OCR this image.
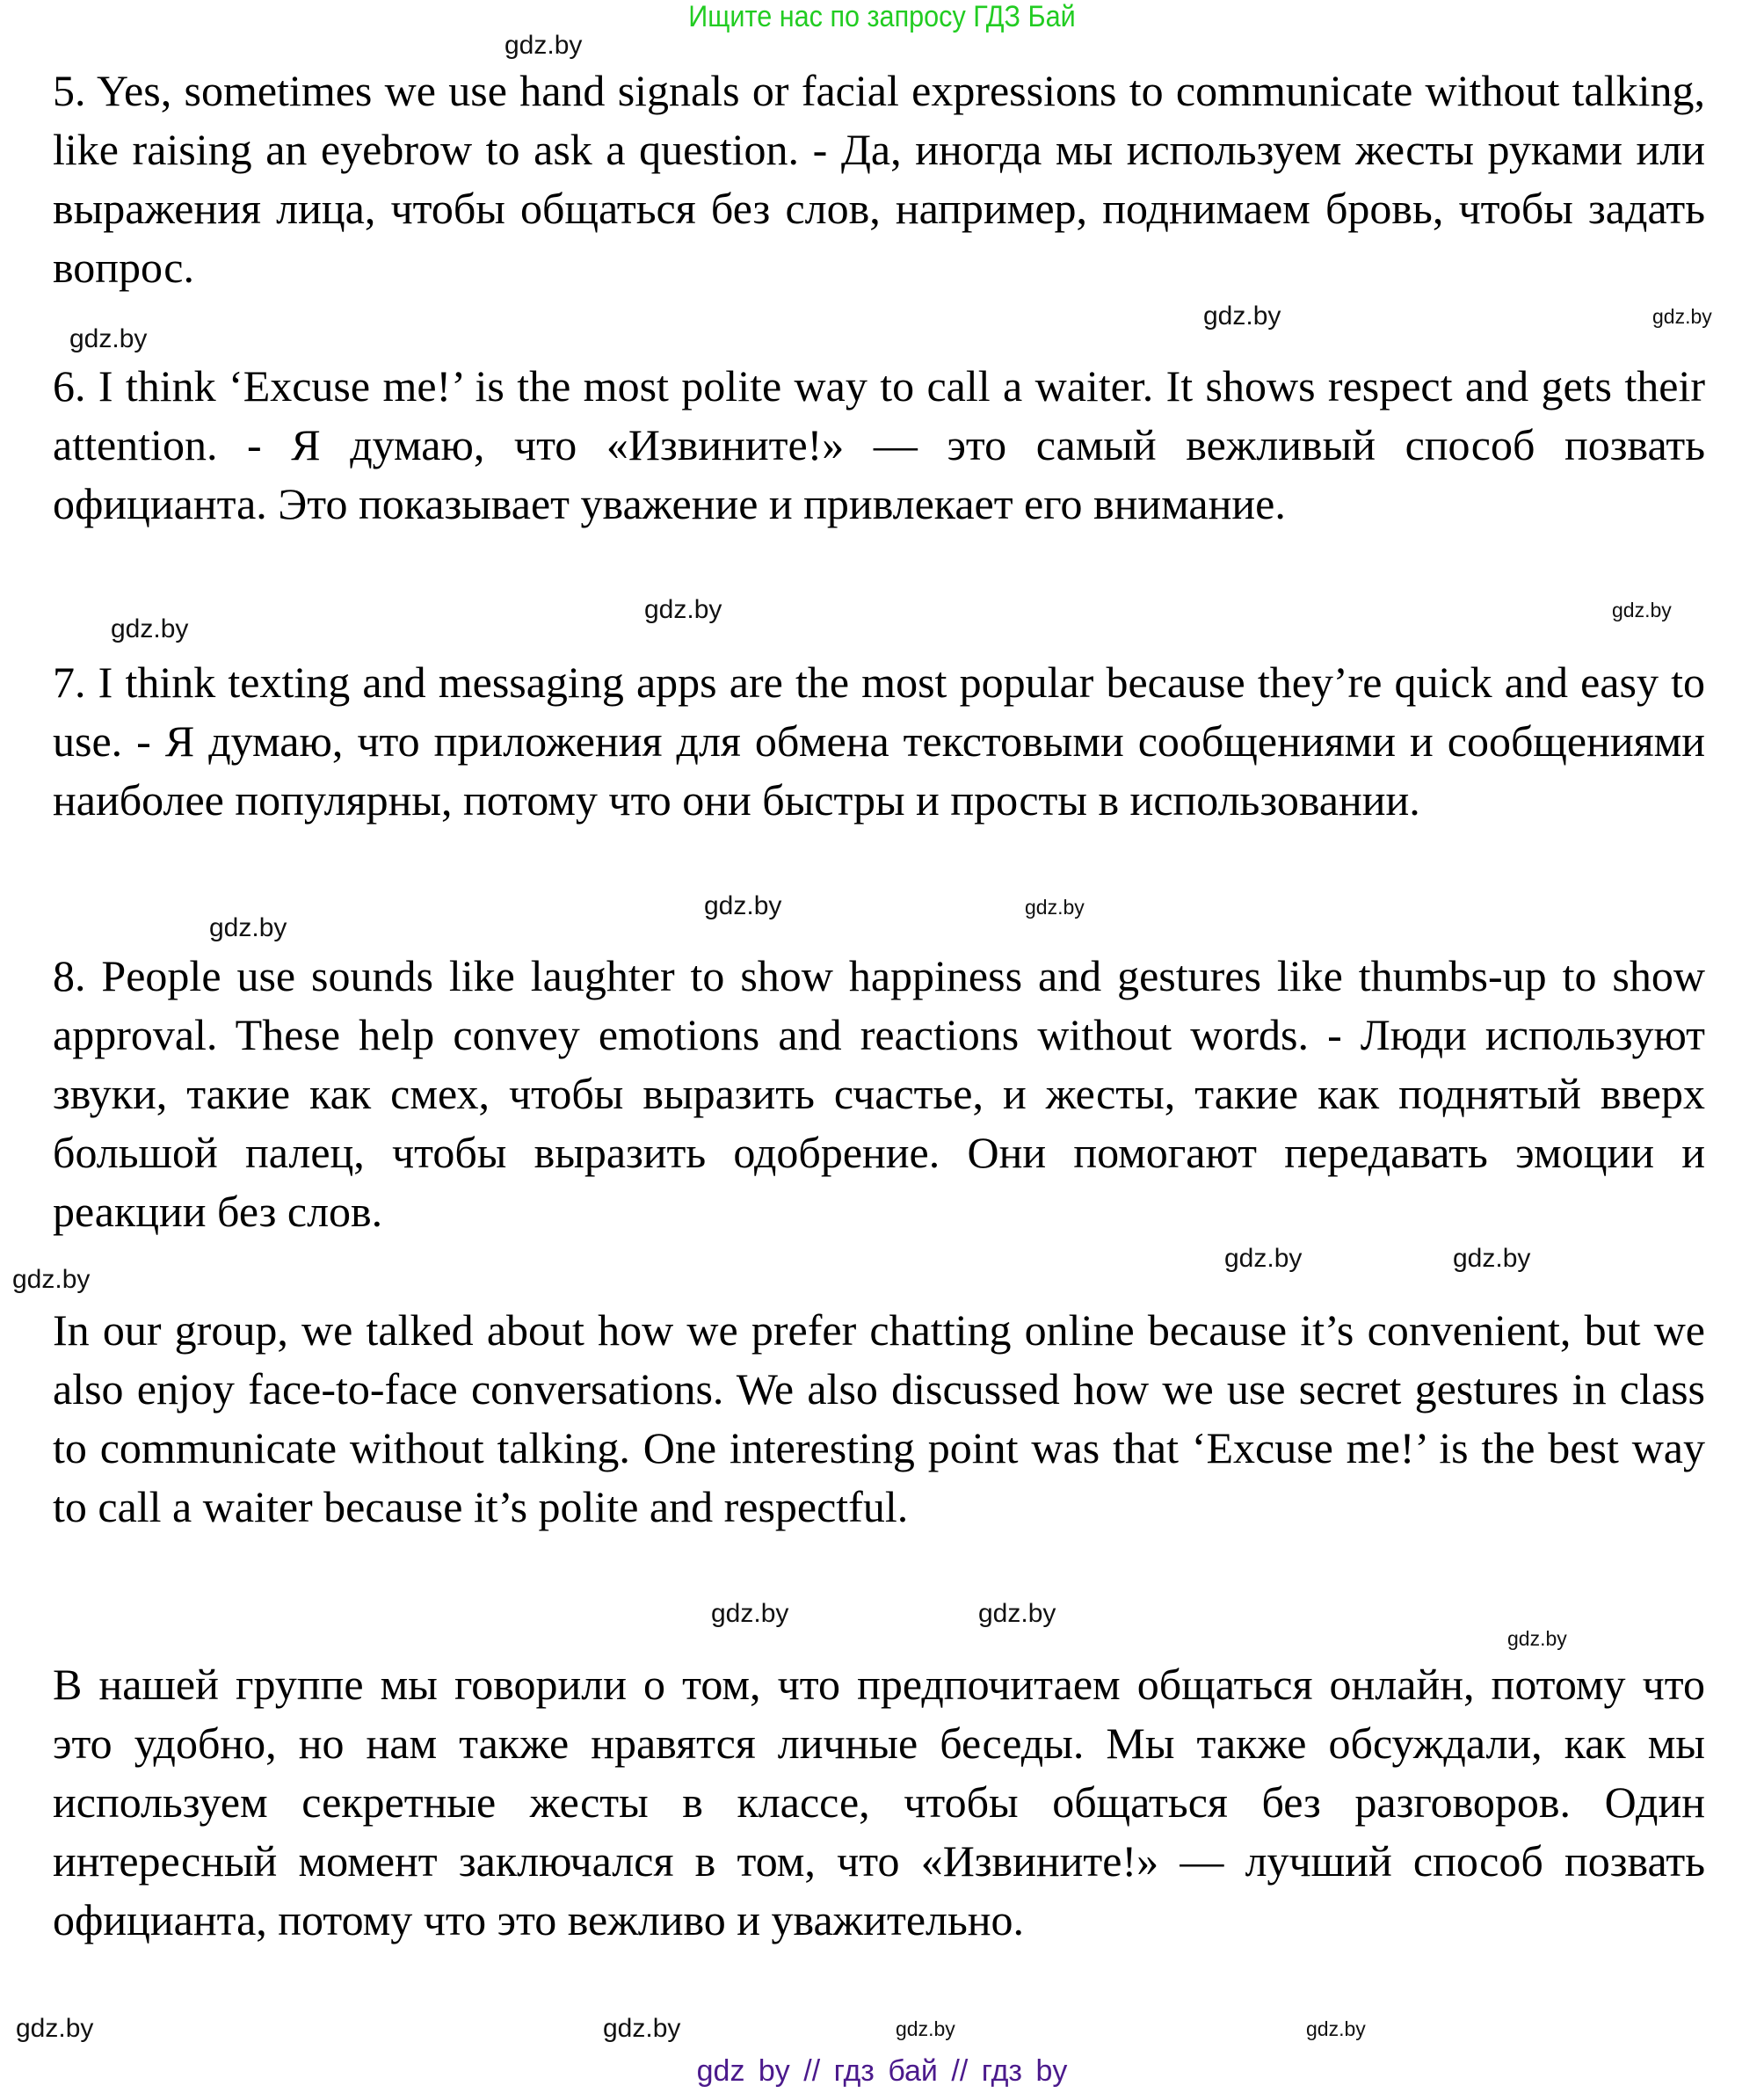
Ищите нас по запросу ГДЗ Бай

5. Yes, sometimes we use hand signals or facial expressions to communicate without talking, like raising an eyebrow to ask a question. - Да, иногда мы используем жесты руками или выражения лица, чтобы общаться без слов, например, поднимаем бровь, чтобы задать вопрос.

6. I think ‘Excuse me!’ is the most polite way to call a waiter. It shows respect and gets their attention. - Я думаю, что «Извините!» — это самый вежливый способ позвать официанта. Это показывает уважение и привлекает его внимание.

7. I think texting and messaging apps are the most popular because they’re quick and easy to use. - Я думаю, что приложения для обмена текстовыми сообщениями и сообщениями наиболее популярны, потому что они быстры и просты в использовании.

8. People use sounds like laughter to show happiness and gestures like thumbs-up to show approval. These help convey emotions and reactions without words. - Люди используют звуки, такие как смех, чтобы выразить счастье, и жесты, такие как поднятый вверх большой палец, чтобы выразить одобрение. Они помогают передавать эмоции и реакции без слов.

In our group, we talked about how we prefer chatting online because it’s convenient, but we also enjoy face-to-face conversations. We also discussed how we use secret gestures in class to communicate without talking. One interesting point was that ‘Excuse me!’ is the best way to call a waiter because it’s polite and respectful.

В нашей группе мы говорили о том, что предпочитаем общаться онлайн, потому что это удобно, но нам также нравятся личные беседы. Мы также обсуждали, как мы используем секретные жесты в классе, чтобы общаться без разговоров. Один интересный момент заключался в том, что «Извините!» — лучший способ позвать официанта, потому что это вежливо и уважительно.

gdz.by
gdz.by
gdz.by
gdz.by
gdz.by
gdz.by
gdz.by
gdz.by
gdz.by
gdz.by
gdz.by	gdz.by
gdz.by
gdz.by	gdz.by
gdz.by
gdz.by	gdz.by
gdz.by
gdz.by
gdz by // гдз бай // гдз by
